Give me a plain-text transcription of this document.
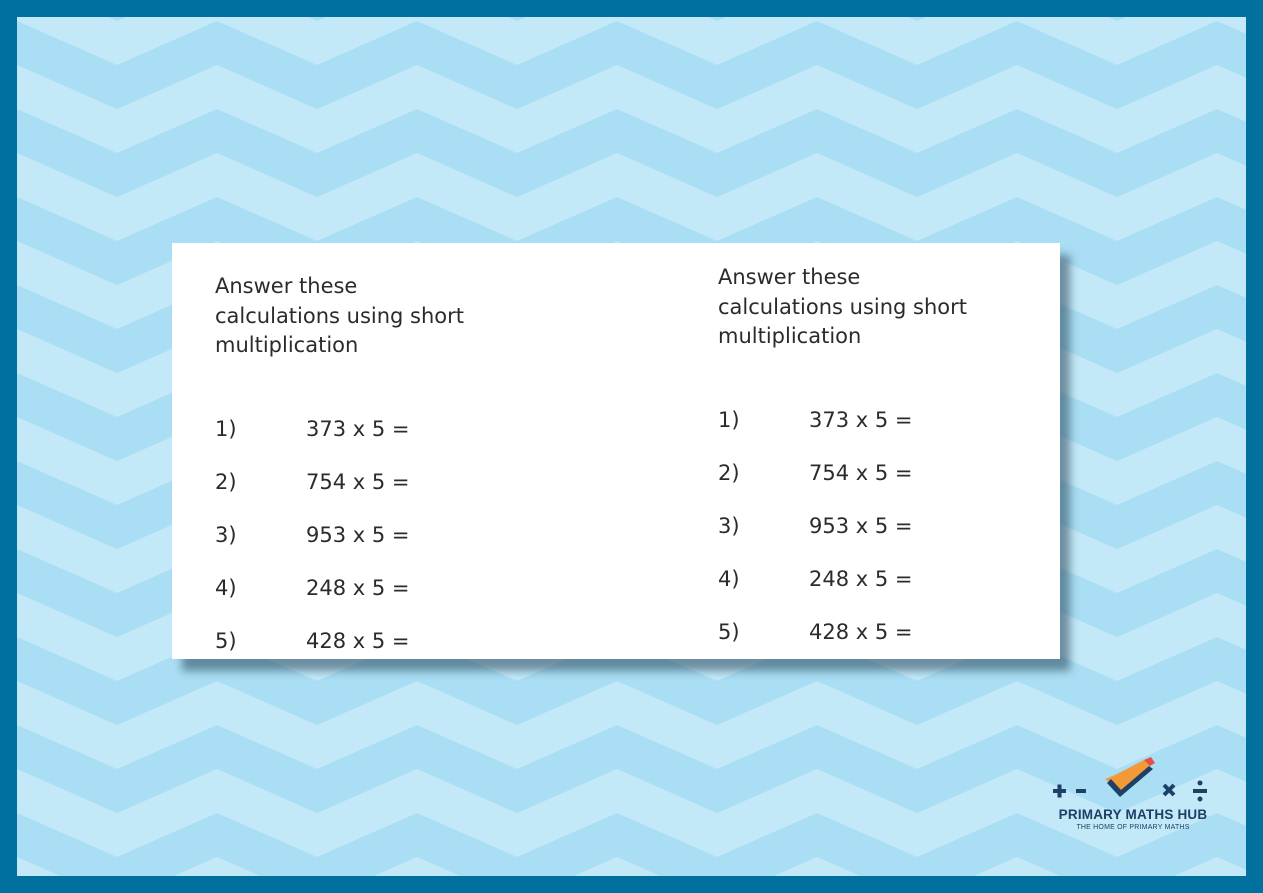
Answer these
calculations using short
multiplication

1)	373 x 5 =
2)	754 x 5 =
3)	953 x 5 =
4)	248 x 5 =
5)	428 x 5 =

Answer these
calculations using short
multiplication

1)	373 x 5 =
2)	754 x 5 =
3)	953 x 5 =
4)	248 x 5 =
5)	428 x 5 =
PRIMARY MATHS HUB
THE HOME OF PRIMARY MATHS
